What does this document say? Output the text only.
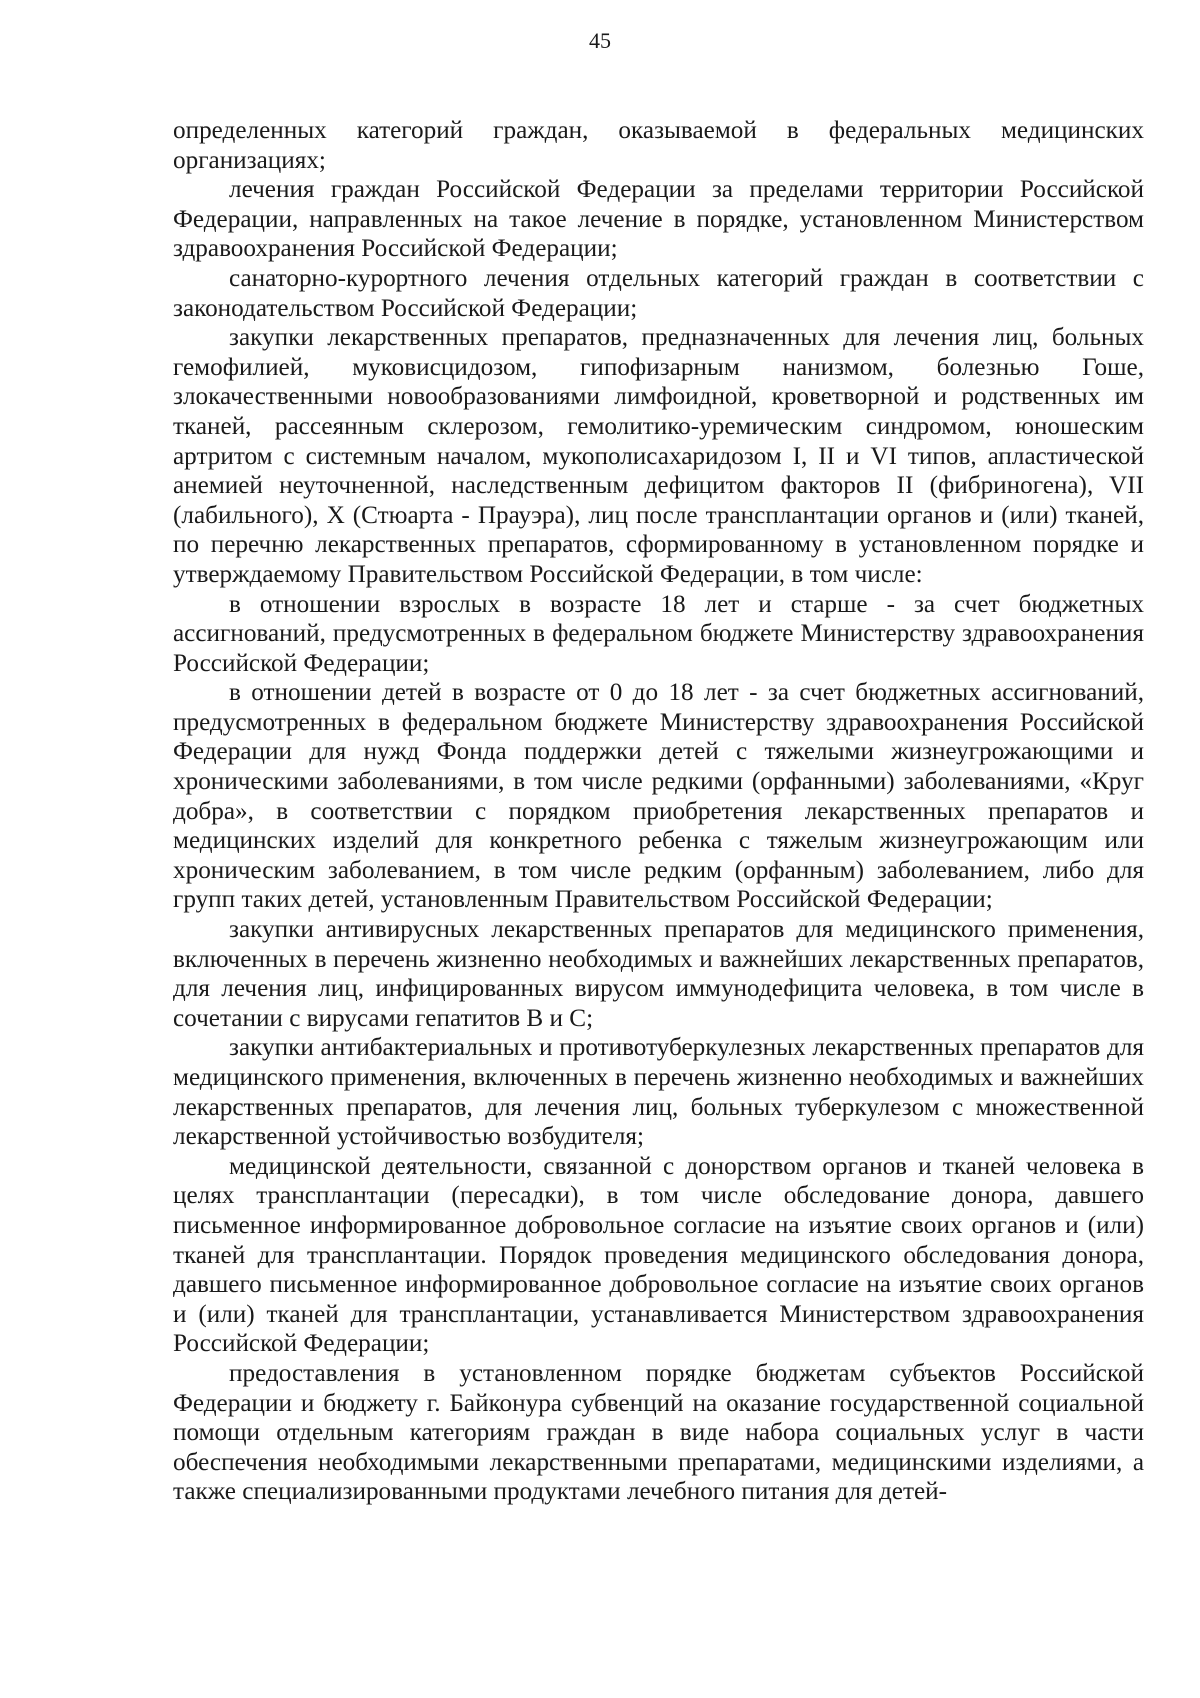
45

определенных категорий граждан, оказываемой в федеральных медицинских организациях;

лечения граждан Российской Федерации за пределами территории Российской Федерации, направленных на такое лечение в порядке, установленном Министерством здравоохранения Российской Федерации;

санаторно-курортного лечения отдельных категорий граждан в соответствии с законодательством Российской Федерации;

закупки лекарственных препаратов, предназначенных для лечения лиц, больных гемофилией, муковисцидозом, гипофизарным нанизмом, болезнью Гоше, злокачественными новообразованиями лимфоидной, кроветворной и родственных им тканей, рассеянным склерозом, гемолитико-уремическим синдромом, юношеским артритом с системным началом, мукополисахаридозом I, II и VI типов, апластической анемией неуточненной, наследственным дефицитом факторов II (фибриногена), VII (лабильного), X (Стюарта - Прауэра), лиц после трансплантации органов и (или) тканей, по перечню лекарственных препаратов, сформированному в установленном порядке и утверждаемому Правительством Российской Федерации, в том числе:

в отношении взрослых в возрасте 18 лет и старше - за счет бюджетных ассигнований, предусмотренных в федеральном бюджете Министерству здравоохранения Российской Федерации;

в отношении детей в возрасте от 0 до 18 лет - за счет бюджетных ассигнований, предусмотренных в федеральном бюджете Министерству здравоохранения Российской Федерации для нужд Фонда поддержки детей с тяжелыми жизнеугрожающими и хроническими заболеваниями, в том числе редкими (орфанными) заболеваниями, «Круг добра», в соответствии с порядком приобретения лекарственных препаратов и медицинских изделий для конкретного ребенка с тяжелым жизнеугрожающим или хроническим заболеванием, в том числе редким (орфанным) заболеванием, либо для групп таких детей, установленным Правительством Российской Федерации;

закупки антивирусных лекарственных препаратов для медицинского применения, включенных в перечень жизненно необходимых и важнейших лекарственных препаратов, для лечения лиц, инфицированных вирусом иммунодефицита человека, в том числе в сочетании с вирусами гепатитов B и C;

закупки антибактериальных и противотуберкулезных лекарственных препаратов для медицинского применения, включенных в перечень жизненно необходимых и важнейших лекарственных препаратов, для лечения лиц, больных туберкулезом с множественной лекарственной устойчивостью возбудителя;

медицинской деятельности, связанной с донорством органов и тканей человека в целях трансплантации (пересадки), в том числе обследование донора, давшего письменное информированное добровольное согласие на изъятие своих органов и (или) тканей для трансплантации. Порядок проведения медицинского обследования донора, давшего письменное информированное добровольное согласие на изъятие своих органов и (или) тканей для трансплантации, устанавливается Министерством здравоохранения Российской Федерации;

предоставления в установленном порядке бюджетам субъектов Российской Федерации и бюджету г. Байконура субвенций на оказание государственной социальной помощи отдельным категориям граждан в виде набора социальных услуг в части обеспечения необходимыми лекарственными препаратами, медицинскими изделиями, а также специализированными продуктами лечебного питания для детей-
